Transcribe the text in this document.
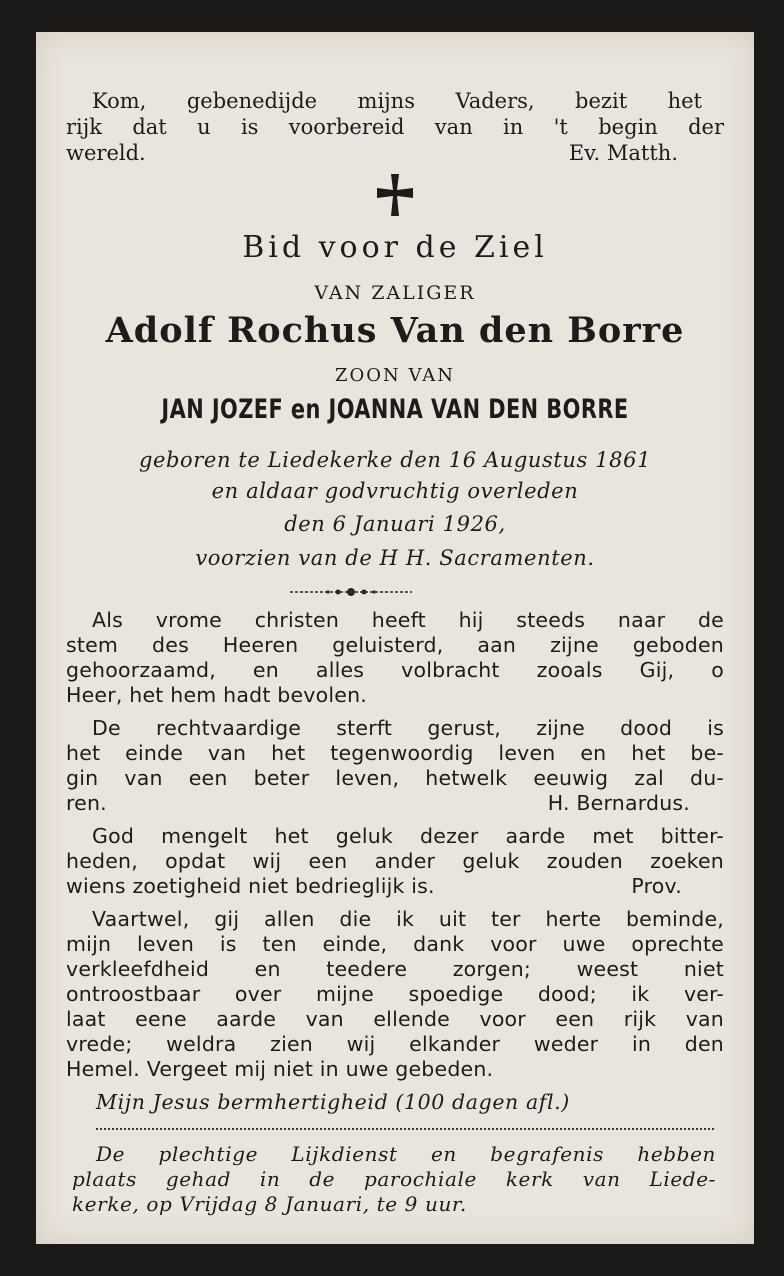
Kom, gebenedijde mijns Vaders, bezit het
rijk dat u is voorbereid van in 't begin der
wereld.	Ev. Matth.
Bid voor de Ziel
VAN ZALIGER
Adolf Rochus Van den Borre
ZOON VAN
JAN JOZEF en JOANNA VAN DEN BORRE
geboren te Liedekerke den 16 Augustus 1861
en aldaar godvruchtig overleden
den 6 Januari 1926,
voorzien van de H H. Sacramenten.
Als vrome christen heeft hij steeds naar de
stem des Heeren geluisterd, aan zijne geboden
gehoorzaamd, en alles volbracht zooals Gij, o
Heer, het hem hadt bevolen.
De rechtvaardige sterft gerust, zijne dood is
het einde van het tegenwoordig leven en het be-
gin van een beter leven, hetwelk eeuwig zal du-
ren.	H. Bernardus.
God mengelt het geluk dezer aarde met bitter-
heden, opdat wij een ander geluk zouden zoeken
wiens zoetigheid niet bedrieglijk is.	Prov.
Vaartwel, gij allen die ik uit ter herte beminde,
mijn leven is ten einde, dank voor uwe oprechte
verkleefdheid en teedere zorgen; weest niet
ontroostbaar over mijne spoedige dood; ik ver-
laat eene aarde van ellende voor een rijk van
vrede; weldra zien wij elkander weder in den
Hemel. Vergeet mij niet in uwe gebeden.
Mijn Jesus bermhertigheid (100 dagen afl.)
De plechtige Lijkdienst en begrafenis hebben
plaats gehad in de parochiale kerk van Liede-
kerke, op Vrijdag 8 Januari, te 9 uur.
